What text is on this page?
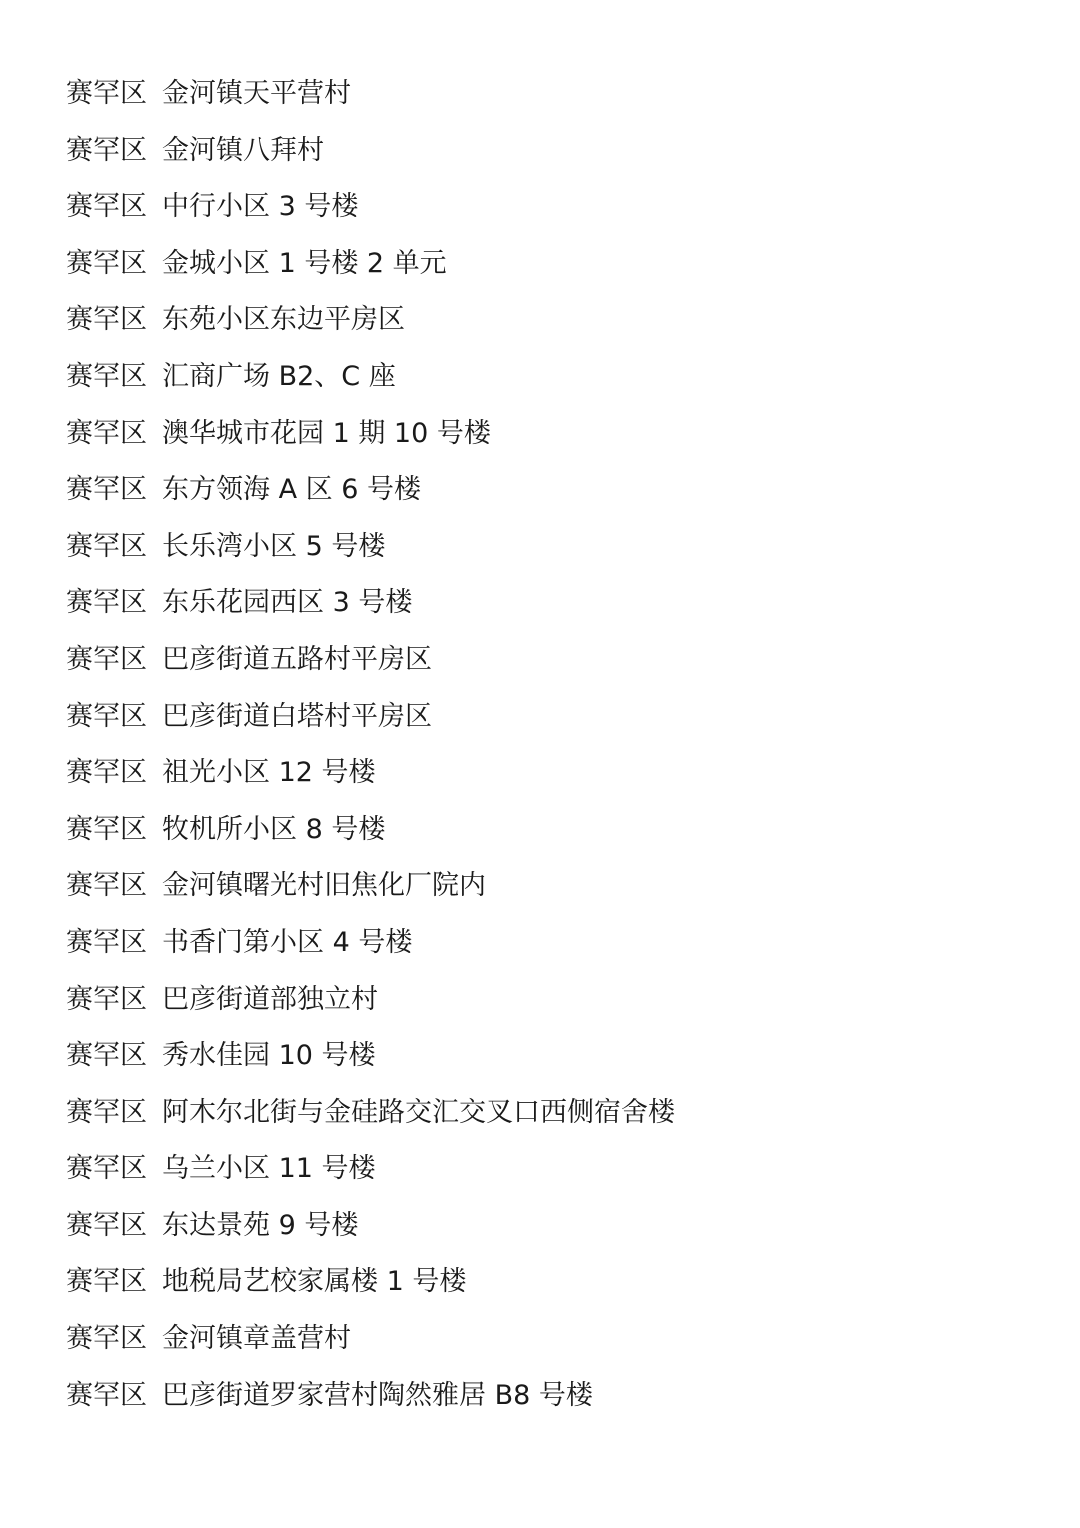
赛罕区 金河镇天平营村
赛罕区 金河镇八拜村
赛罕区 中行小区 3 号楼
赛罕区 金城小区 1 号楼 2 单元
赛罕区 东苑小区东边平房区
赛罕区 汇商广场 B2、C 座
赛罕区 澳华城市花园 1 期 10 号楼
赛罕区 东方领海 A 区 6 号楼
赛罕区 长乐湾小区 5 号楼
赛罕区 东乐花园西区 3 号楼
赛罕区 巴彦街道五路村平房区
赛罕区 巴彦街道白塔村平房区
赛罕区 祖光小区 12 号楼
赛罕区 牧机所小区 8 号楼
赛罕区 金河镇曙光村旧焦化厂院内
赛罕区 书香门第小区 4 号楼
赛罕区 巴彦街道部独立村
赛罕区 秀水佳园 10 号楼
赛罕区 阿木尔北街与金硅路交汇交叉口西侧宿舍楼
赛罕区 乌兰小区 11 号楼
赛罕区 东达景苑 9 号楼
赛罕区 地税局艺校家属楼 1 号楼
赛罕区 金河镇章盖营村
赛罕区 巴彦街道罗家营村陶然雅居 B8 号楼
